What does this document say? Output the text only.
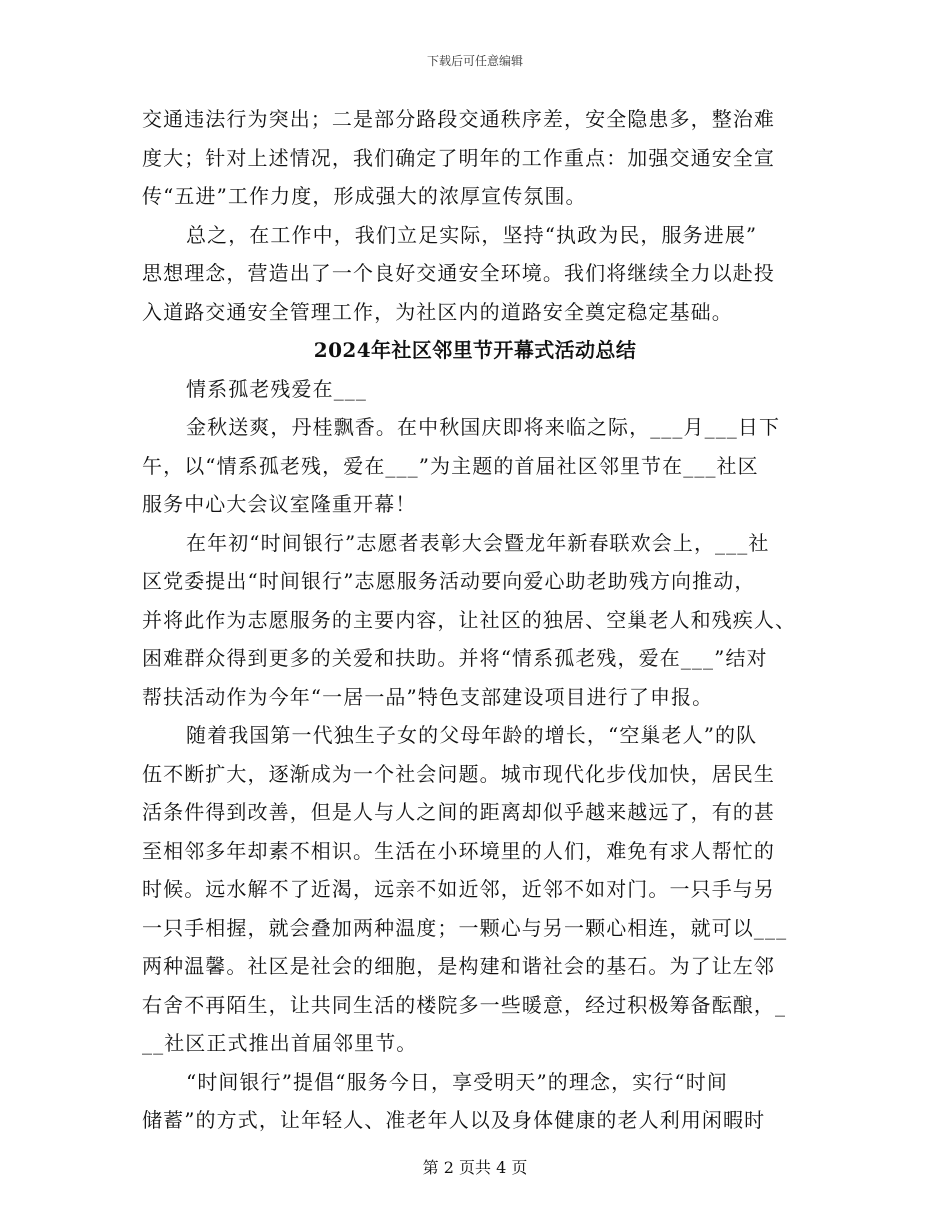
下载后可任意编辑
交通违法行为突出；二是部分路段交通秩序差，安全隐患多，整治难
度大；针对上述情况，我们确定了明年的工作重点：加强交通安全宣
传“五进”工作力度，形成强大的浓厚宣传氛围。
总之，在工作中，我们立足实际，坚持“执政为民，服务进展”
思想理念，营造出了一个良好交通安全环境。我们将继续全力以赴投
入道路交通安全管理工作，为社区内的道路安全奠定稳定基础。
2024年社区邻里节开幕式活动总结
情系孤老残爱在___
金秋送爽，丹桂飘香。在中秋国庆即将来临之际，___月___日下
午，以“情系孤老残，爱在___”为主题的首届社区邻里节在___社区
服务中心大会议室隆重开幕！
在年初“时间银行”志愿者表彰大会暨龙年新春联欢会上，___社
区党委提出“时间银行”志愿服务活动要向爱心助老助残方向推动，
并将此作为志愿服务的主要内容，让社区的独居、空巢老人和残疾人、
困难群众得到更多的关爱和扶助。并将“情系孤老残，爱在___”结对
帮扶活动作为今年“一居一品”特色支部建设项目进行了申报。
随着我国第一代独生子女的父母年龄的增长，“空巢老人”的队
伍不断扩大，逐渐成为一个社会问题。城市现代化步伐加快，居民生
活条件得到改善，但是人与人之间的距离却似乎越来越远了，有的甚
至相邻多年却素不相识。生活在小环境里的人们，难免有求人帮忙的
时候。远水解不了近渴，远亲不如近邻，近邻不如对门。一只手与另
一只手相握，就会叠加两种温度；一颗心与另一颗心相连，就可以___
两种温馨。社区是社会的细胞，是构建和谐社会的基石。为了让左邻
右舍不再陌生，让共同生活的楼院多一些暖意，经过积极筹备酝酿，_
__社区正式推出首届邻里节。
“时间银行”提倡“服务今日，享受明天”的理念，实行“时间
储蓄”的方式，让年轻人、准老年人以及身体健康的老人利用闲暇时
第 2 页共 4 页
